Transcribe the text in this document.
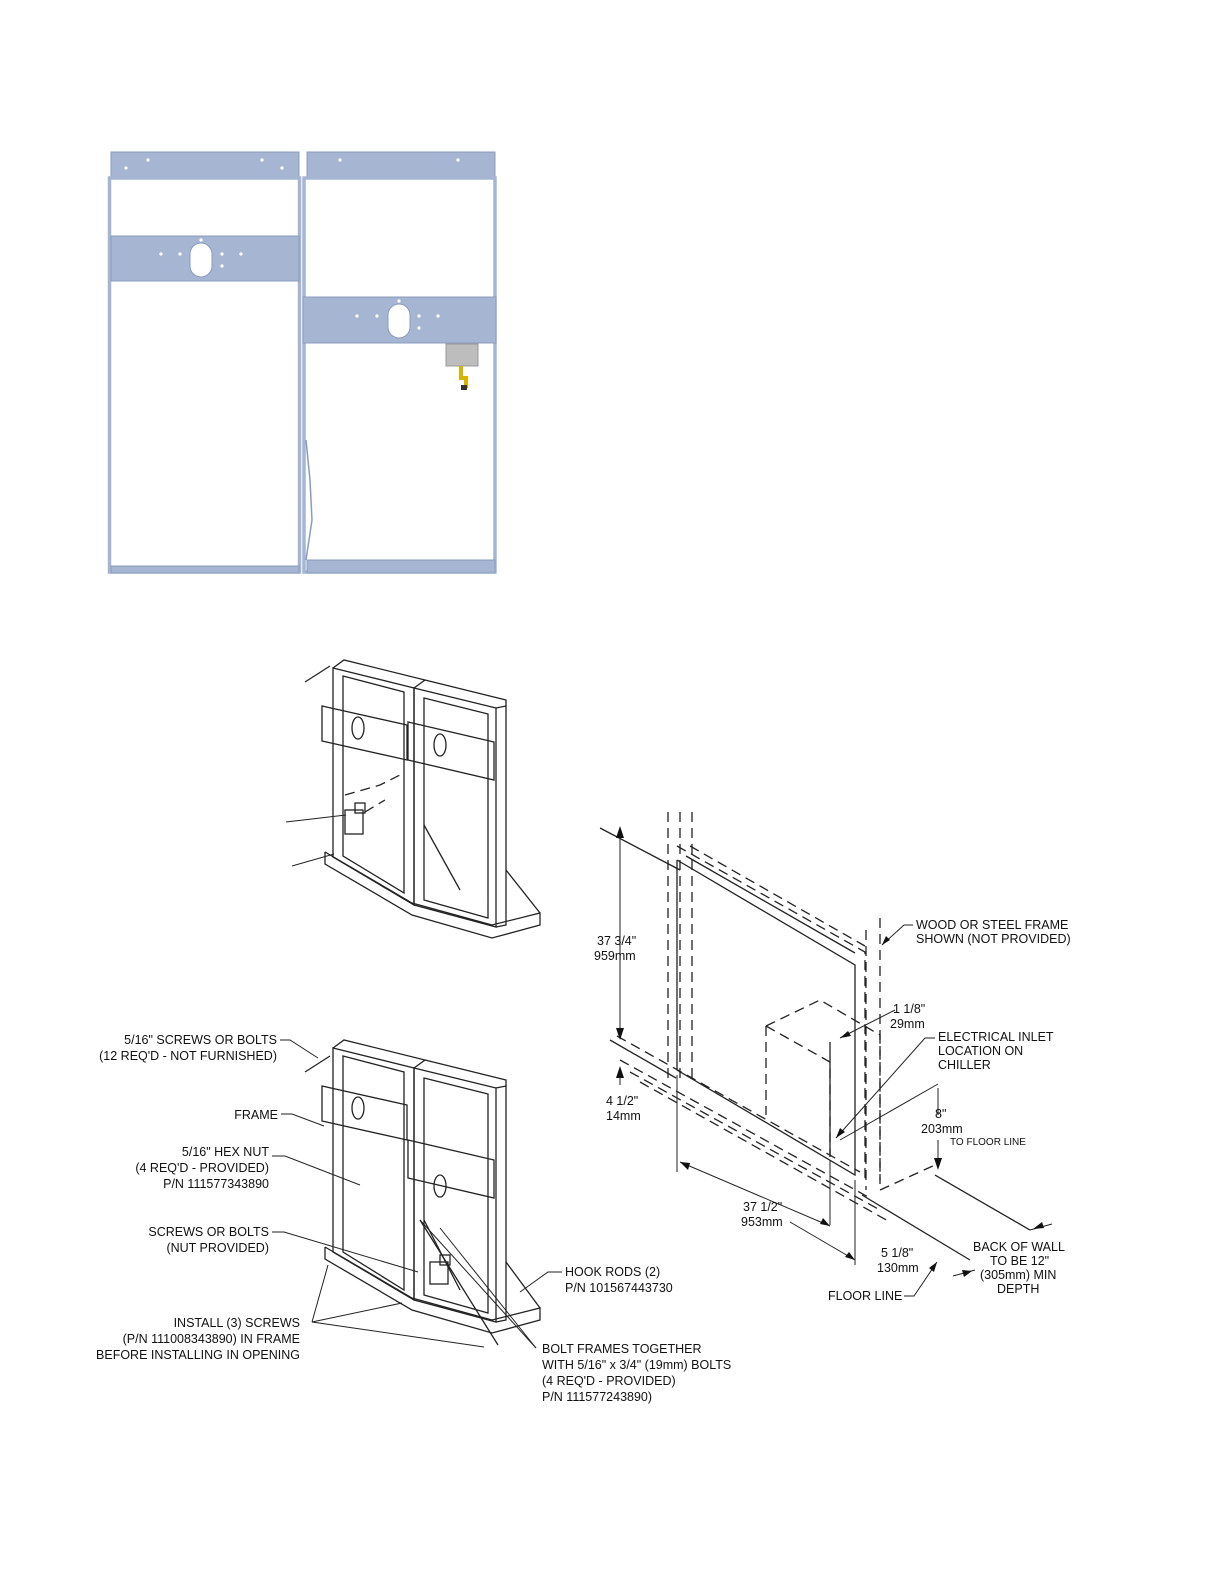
5/16" SCREWS OR BOLTS
(12 REQ'D - NOT FURNISHED)
FRAME
5/16" HEX NUT
(4 REQ'D - PROVIDED)
P/N 111577343890
SCREWS OR BOLTS
(NUT PROVIDED)
INSTALL (3) SCREWS
(P/N 111008343890) IN FRAME
BEFORE INSTALLING IN OPENING
HOOK RODS (2)
P/N 101567443730
BOLT FRAMES TOGETHER
WITH 5/16" x 3/4" (19mm) BOLTS
(4 REQ'D - PROVIDED)
P/N 111577243890)
37 3/4"
959mm
4 1/2"
14mm
37 1/2"
953mm
5 1/8"
130mm
1 1/8"
29mm
ELECTRICAL INLET
LOCATION ON
CHILLER
8"
203mm
TO FLOOR LINE
WOOD OR STEEL FRAME
SHOWN (NOT PROVIDED)
BACK OF WALL
TO BE 12"
(305mm) MIN
DEPTH
FLOOR LINE
